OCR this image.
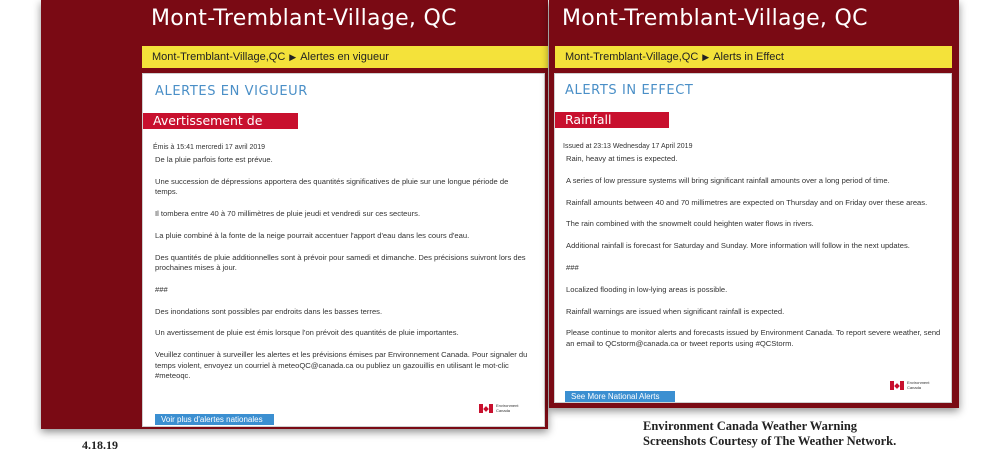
Mont-Tremblant-Village, QC
Mont-Tremblant-Village,QC ▶ Alertes en vigueur
ALERTES EN VIGUEUR
Avertissement de pluie
Émis à 15:41 mercredi 17 avril 2019

De la pluie parfois forte est prévue.

Une succession de dépressions apportera des quantités significatives de pluie sur une longue période de temps.

Il tombera entre 40 à 70 millimètres de pluie jeudi et vendredi sur ces secteurs.

La pluie combiné à la fonte de la neige pourrait accentuer l'apport d'eau dans les cours d'eau.

Des quantités de pluie additionnelles sont à prévoir pour samedi et dimanche. Des précisions suivront lors des prochaines mises à jour.

###

Des inondations sont possibles par endroits dans les basses terres.

Un avertissement de pluie est émis lorsque l'on prévoit des quantités de pluie importantes.

Veuillez continuer à surveiller les alertes et les prévisions émises par Environnement Canada. Pour signaler du temps violent, envoyez un courriel à meteoQC@canada.ca ou publiez un gazouillis en utilisant le mot-clic #meteoqc.

Environment
Canada
Voir plus d'alertes nationales
Mont-Tremblant-Village, QC
Mont-Tremblant-Village,QC ▶ Alerts in Effect
ALERTS IN EFFECT
Rainfall Warning
Issued at 23:13 Wednesday 17 April 2019

Rain, heavy at times is expected.

A series of low pressure systems will bring significant rainfall amounts over a long period of time.

Rainfall amounts between 40 and 70 millimetres are expected on Thursday and on Friday over these areas.

The rain combined with the snowmelt could heighten water flows in rivers.

Additional rainfall is forecast for Saturday and Sunday. More information will follow in the next updates.

###

Localized flooding in low-lying areas is possible.

Rainfall warnings are issued when significant rainfall is expected.

Please continue to monitor alerts and forecasts issued by Environment Canada. To report severe weather, send an email to QCstorm@canada.ca or tweet reports using #QCStorm.

Environment
Canada
See More National Alerts
4.18.19
Environment Canada Weather Warning
Screenshots Courtesy of The Weather Network.
